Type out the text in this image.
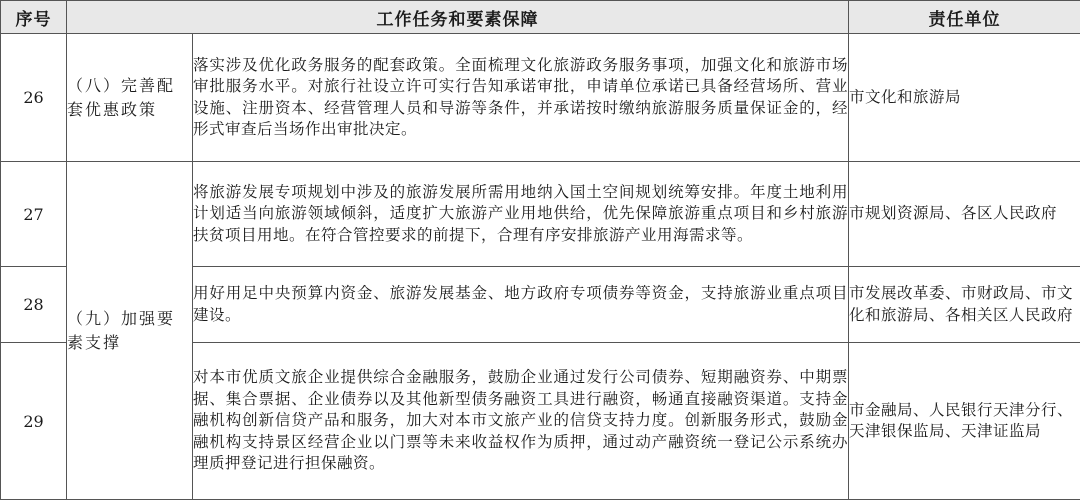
序号	工作任务和要素保障		责任单位
26	（八）完善配套优惠政策	落实涉及优化政务服务的配套政策。全面梳理文化旅游政务服务事项，加强文化和旅游市场审批服务水平。对旅行社设立许可实行告知承诺审批，申请单位承诺已具备经营场所、营业设施、注册资本、经营管理人员和导游等条件，并承诺按时缴纳旅游服务质量保证金的，经形式审查后当场作出审批决定。	市文化和旅游局
27	（九）加强要素支撑	将旅游发展专项规划中涉及的旅游发展所需用地纳入国土空间规划统筹安排。年度土地利用计划适当向旅游领域倾斜，适度扩大旅游产业用地供给，优先保障旅游重点项目和乡村旅游扶贫项目用地。在符合管控要求的前提下，合理有序安排旅游产业用海需求等。	市规划资源局、各区人民政府
28		用好用足中央预算内资金、旅游发展基金、地方政府专项债券等资金，支持旅游业重点项目建设。	市发展改革委、市财政局、市文化和旅游局、各相关区人民政府
29		对本市优质文旅企业提供综合金融服务，鼓励企业通过发行公司债券、短期融资券、中期票据、集合票据、企业债券以及其他新型债务融资工具进行融资，畅通直接融资渠道。支持金融机构创新信贷产品和服务，加大对本市文旅产业的信贷支持力度。创新服务形式，鼓励金融机构支持景区经营企业以门票等未来收益权作为质押，通过动产融资统一登记公示系统办理质押登记进行担保融资。	市金融局、人民银行天津分行、天津银保监局、天津证监局
